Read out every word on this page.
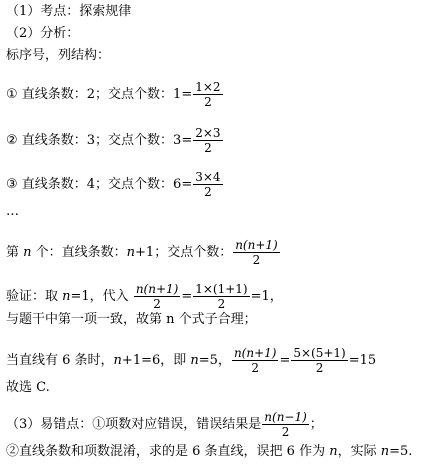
（1）考点：探索规律
（2）分析：
标序号，列结构：
① 直线条数：2；交点个数：$1= \frac{1\times 2}{2}$
② 直线条数：3；交点个数：$3= \frac{2\times 3}{2}$
③ 直线条数：4；交点个数：$6= \frac{3\times 4}{2}$
…
第 n 个：直线条数：n+1；交点个数： $\frac{n(n+1)}{2}$
验证：取 n=1，代入 $\frac{n(n+1)}{2} = \frac{1\times(1+1)}{2} =1$，
与题干中第一项一致，故第 n 个式子合理；
当直线有 6 条时，n+1=6，即 n=5， $\frac{n(n+1)}{2} = \frac{5\times(5+1)}{2} =15$
故选 C.
（3）易错点：①项数对应错误，错误结果是 $\frac{n(n-1)}{2}$ ；
②直线条数和项数混淆，求的是 6 条直线，误把 6 作为 n，实际 n=5.
